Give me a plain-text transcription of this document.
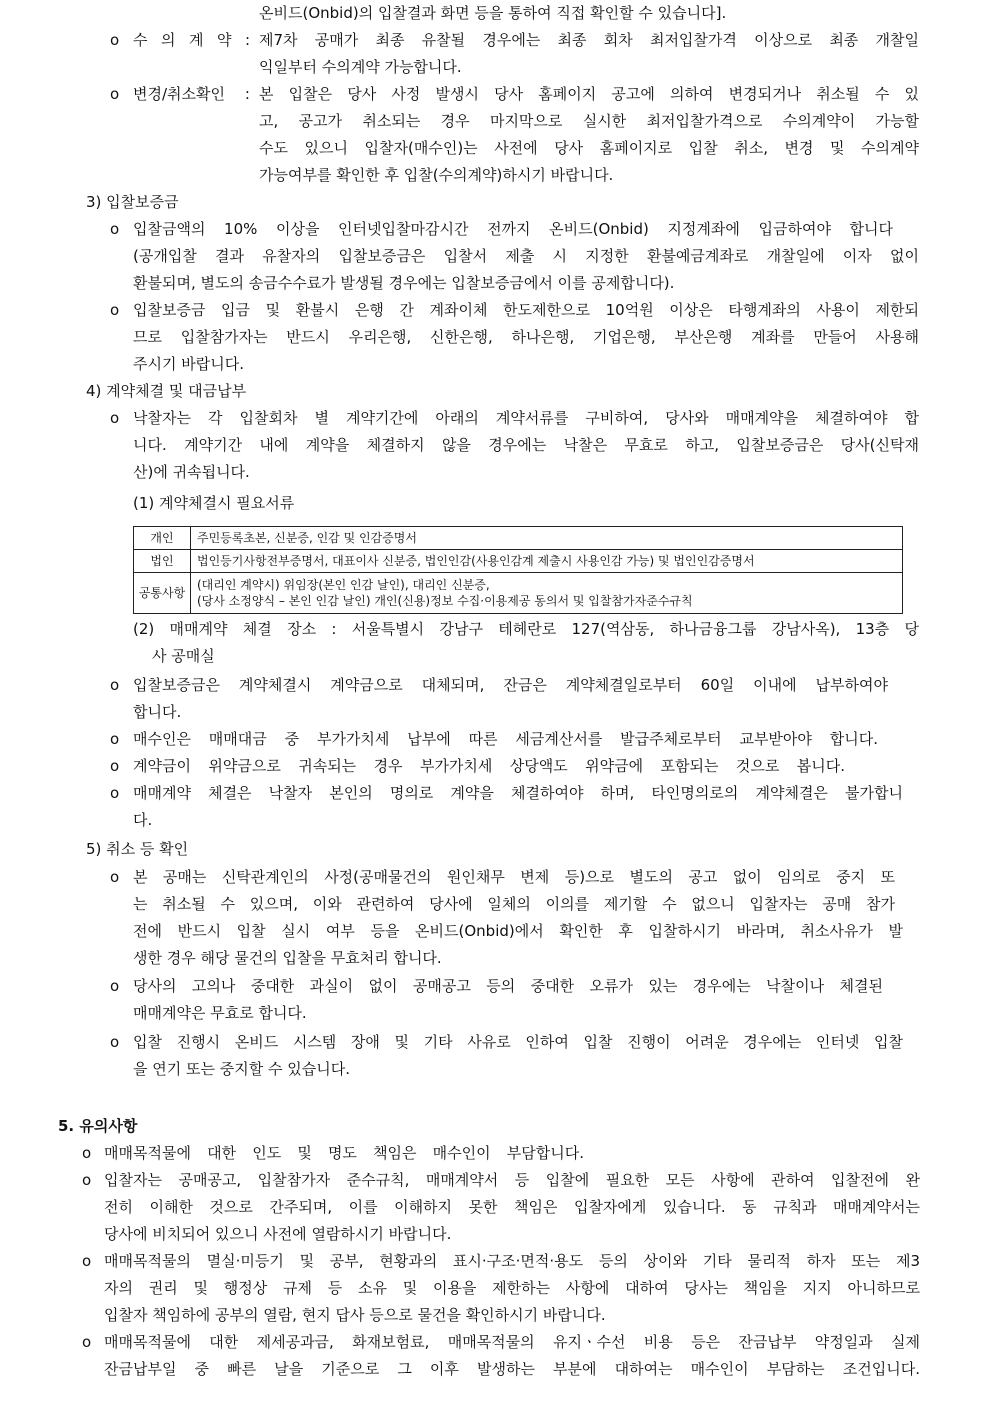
온비드(Onbid)의 입찰결과 화면 등을 통하여 직접 확인할 수 있습니다].
o 수 의 계 약 : 제7차 공매가 최종 유찰될 경우에는 최종 회차 최저입찰가격 이상으로 최종 개찰일
익일부터 수의계약 가능합니다.
o 변경/취소확인 : 본 입찰은 당사 사정 발생시 당사 홈페이지 공고에 의하여 변경되거나 취소될 수 있
고, 공고가 취소되는 경우 마지막으로 실시한 최저입찰가격으로 수의계약이 가능할
수도 있으니 입찰자(매수인)는 사전에 당사 홈페이지로 입찰 취소, 변경 및 수의계약
가능여부를 확인한 후 입찰(수의계약)하시기 바랍니다.
3) 입찰보증금
o 입찰금액의 10% 이상을 인터넷입찰마감시간 전까지 온비드(Onbid) 지정계좌에 입금하여야 합니다
(공개입찰 결과 유찰자의 입찰보증금은 입찰서 제출 시 지정한 환불예금계좌로 개찰일에 이자 없이
환불되며, 별도의 송금수수료가 발생될 경우에는 입찰보증금에서 이를 공제합니다).
o 입찰보증금 입금 및 환불시 은행 간 계좌이체 한도제한으로 10억원 이상은 타행계좌의 사용이 제한되
므로 입찰참가자는 반드시 우리은행, 신한은행, 하나은행, 기업은행, 부산은행 계좌를 만들어 사용해
주시기 바랍니다.
4) 계약체결 및 대금납부
o 낙찰자는 각 입찰회차 별 계약기간에 아래의 계약서류를 구비하여, 당사와 매매계약을 체결하여야 합
니다. 계약기간 내에 계약을 체결하지 않을 경우에는 낙찰은 무효로 하고, 입찰보증금은 당사(신탁재
산)에 귀속됩니다.
(1) 계약체결시 필요서류
개인	주민등록초본, 신분증, 인감 및 인감증명서
법인	법인등기사항전부증명서, 대표이사 신분증, 법인인감(사용인감계 제출시 사용인감 가능) 및 법인인감증명서
공통사항	(대리인 계약시) 위임장(본인 인감 날인), 대리인 신분증,
(당사 소정양식 – 본인 인감 날인) 개인(신용)정보 수집·이용제공 동의서 및 입찰참가자준수규칙
(2) 매매계약 체결 장소 : 서울특별시 강남구 테헤란로 127(역삼동, 하나금융그룹 강남사옥), 13층 당
사 공매실
o 입찰보증금은 계약체결시 계약금으로 대체되며, 잔금은 계약체결일로부터 60일 이내에 납부하여야
합니다.
o 매수인은 매매대금 중 부가가치세 납부에 따른 세금계산서를 발급주체로부터 교부받아야 합니다.
o 계약금이 위약금으로 귀속되는 경우 부가가치세 상당액도 위약금에 포함되는 것으로 봅니다.
o 매매계약 체결은 낙찰자 본인의 명의로 계약을 체결하여야 하며, 타인명의로의 계약체결은 불가합니
다.
5) 취소 등 확인
o 본 공매는 신탁관계인의 사정(공매물건의 원인채무 변제 등)으로 별도의 공고 없이 임의로 중지 또
는 취소될 수 있으며, 이와 관련하여 당사에 일체의 이의를 제기할 수 없으니 입찰자는 공매 참가
전에 반드시 입찰 실시 여부 등을 온비드(Onbid)에서 확인한 후 입찰하시기 바라며, 취소사유가 발
생한 경우 해당 물건의 입찰을 무효처리 합니다.
o 당사의 고의나 중대한 과실이 없이 공매공고 등의 중대한 오류가 있는 경우에는 낙찰이나 체결된
매매계약은 무효로 합니다.
o 입찰 진행시 온비드 시스템 장애 및 기타 사유로 인하여 입찰 진행이 어려운 경우에는 인터넷 입찰
을 연기 또는 중지할 수 있습니다.
5. 유의사항
o 매매목적물에 대한 인도 및 명도 책임은 매수인이 부담합니다.
o 입찰자는 공매공고, 입찰참가자 준수규칙, 매매계약서 등 입찰에 필요한 모든 사항에 관하여 입찰전에 완
전히 이해한 것으로 간주되며, 이를 이해하지 못한 책임은 입찰자에게 있습니다. 동 규칙과 매매계약서는
당사에 비치되어 있으니 사전에 열람하시기 바랍니다.
o 매매목적물의 멸실·미등기 및 공부, 현황과의 표시·구조·면적·용도 등의 상이와 기타 물리적 하자 또는 제3
자의 권리 및 행정상 규제 등 소유 및 이용을 제한하는 사항에 대하여 당사는 책임을 지지 아니하므로
입찰자 책임하에 공부의 열람, 현지 답사 등으로 물건을 확인하시기 바랍니다.
o 매매목적물에 대한 제세공과금, 화재보험료, 매매목적물의 유지ㆍ수선 비용 등은 잔금납부 약정일과 실제
잔금납부일 중 빠른 날을 기준으로 그 이후 발생하는 부분에 대하여는 매수인이 부담하는 조건입니다.
